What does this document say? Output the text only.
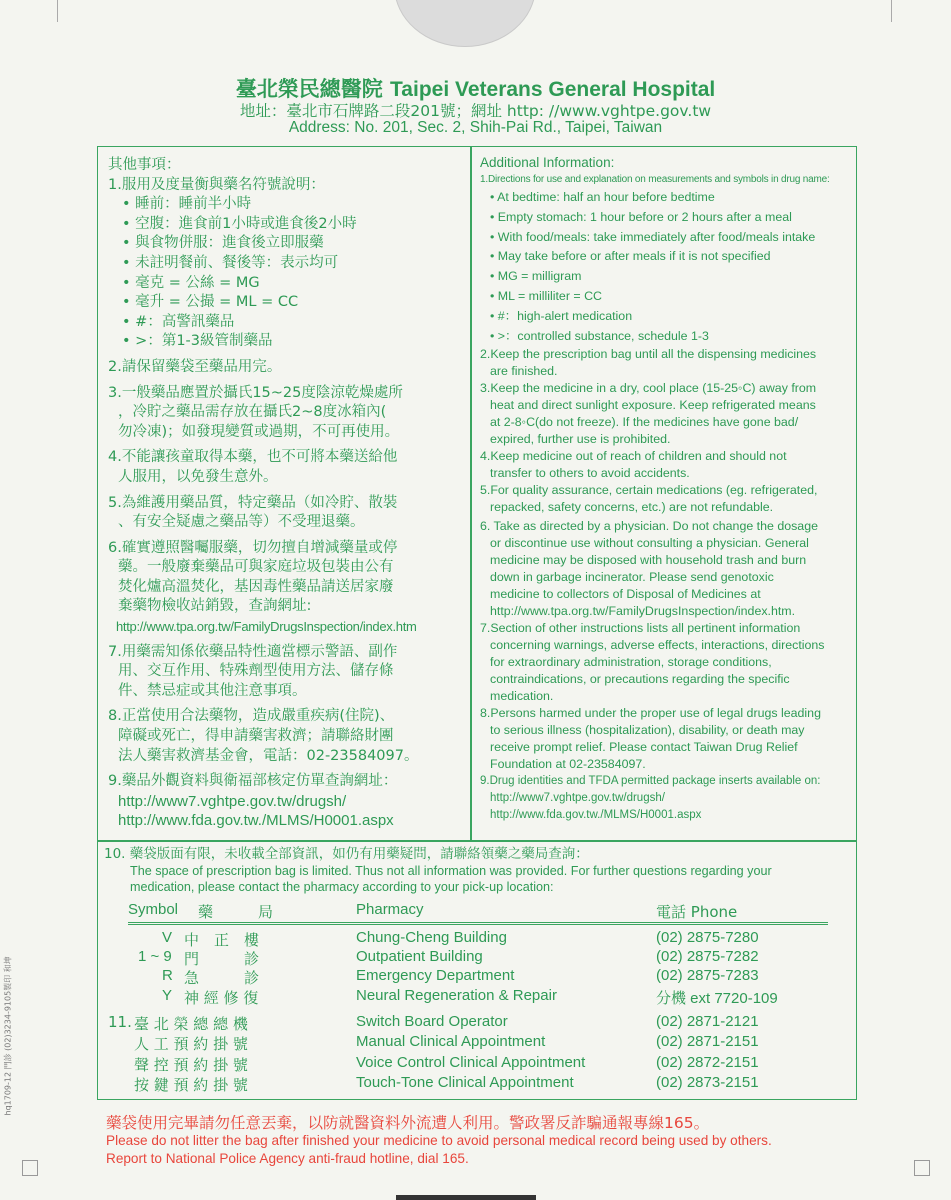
臺北榮民總醫院 Taipei Veterans General Hospital
地址：臺北市石牌路二段201號；網址 http: //www.vghtpe.gov.tw
Address: No. 201, Sec. 2, Shih-Pai Rd., Taipei, Taiwan
其他事項：
1.服用及度量衡與藥名符號說明：
• 睡前：睡前半小時
• 空腹：進食前1小時或進食後2小時
• 與食物併服：進食後立即服藥
• 未註明餐前、餐後等：表示均可
• 毫克 = 公絲 = MG
• 毫升 = 公撮 = ML = CC
• #：高警訊藥品
• >：第1-3級管制藥品
2.請保留藥袋至藥品用完。
3.一般藥品應置於攝氏15~25度陰涼乾燥處所
，冷貯之藥品需存放在攝氏2~8度冰箱內(
勿冷凍)；如發現變質或過期，不可再使用。
4.不能讓孩童取得本藥，也不可將本藥送給他
人服用，以免發生意外。
5.為維護用藥品質，特定藥品（如冷貯、散裝
、有安全疑慮之藥品等）不受理退藥。
6.確實遵照醫囑服藥，切勿擅自增減藥量或停
藥。一般廢棄藥品可與家庭垃圾包裝由公有
焚化爐高溫焚化，基因毒性藥品請送居家廢
棄藥物檢收站銷毀，查詢網址:
http://www.tpa.org.tw/FamilyDrugsInspection/index.htm
7.用藥需知係依藥品特性適當標示警語、副作
用、交互作用、特殊劑型使用方法、儲存條
件、禁忌症或其他注意事項。
8.正當使用合法藥物，造成嚴重疾病(住院)、
障礙或死亡，得申請藥害救濟；請聯絡財團
法人藥害救濟基金會，電話：02-23584097。
9.藥品外觀資料與衛福部核定仿單查詢網址：
http://www7.vghtpe.gov.tw/drugsh/
http://www.fda.gov.tw./MLMS/H0001.aspx
Additional Information:
1.Directions for use and explanation on measurements and symbols in drug name:
• At bedtime: half an hour before bedtime
• Empty stomach: 1 hour before or 2 hours after a meal
• With food/meals: take immediately after food/meals intake
• May take before or after meals if it is not specified
• MG = milligram
• ML = milliliter = CC
• #：high-alert medication
• >：controlled substance, schedule 1-3
2.Keep the prescription bag until all the dispensing medicines
are finished.
3.Keep the medicine in a dry, cool place (15-25◦C) away from
heat and direct sunlight exposure. Keep refrigerated means
at 2-8◦C(do not freeze). If the medicines have gone bad/
expired, further use is prohibited.
4.Keep medicine out of reach of children and should not
transfer to others to avoid accidents.
5.For quality assurance, certain medications (eg. refrigerated,
repacked, safety concerns, etc.) are not refundable.
6. Take as directed by a physician. Do not change the dosage
or discontinue use without consulting a physician. General
medicine may be disposed with household trash and burn
down in garbage incinerator. Please send genotoxic
medicine to collectors of Disposal of Medicines at
http://www.tpa.org.tw/FamilyDrugsInspection/index.htm.
7.Section of other instructions lists all pertinent information
concerning warnings, adverse effects, interactions, directions
for extraordinary administration, storage conditions,
contraindications, or precautions regarding the specific
medication.
8.Persons harmed under the proper use of legal drugs leading
to serious illness (hospitalization), disability, or death may
receive prompt relief. Please contact Taiwan Drug Relief
Foundation at 02-23584097.
9.Drug identities and TFDA permitted package inserts available on:
http://www7.vghtpe.gov.tw/drugsh/
http://www.fda.gov.tw./MLMS/H0001.aspx
10. 藥袋版面有限，未收載全部資訊，如仍有用藥疑問，請聯絡領藥之藥局查詢：
The space of prescription bag is limited. Thus not all information was provided. For further questions regarding your
medication, please contact the pharmacy according to your pick-up location:
Symbol 藥　　　局	Pharmacy	電話 Phone
V 中　正　樓	Chung-Cheng Building	(02) 2875-7280
1 ~ 9 門　　　診	Outpatient Building	(02) 2875-7282
R 急　　　診	Emergency Department	(02) 2875-7283
Y 神 經 修 復	Neural Regeneration & Repair	分機 ext 7720-109
11. 臺 北 榮 總 總 機	Switch Board Operator	(02) 2871-2121
人 工 預 約 掛 號	Manual Clinical Appointment	(02) 2871-2151
聲 控 預 約 掛 號	Voice Control Clinical Appointment	(02) 2872-2151
按 鍵 預 約 掛 號	Touch-Tone Clinical Appointment	(02) 2873-2151
藥袋使用完畢請勿任意丟棄，以防就醫資料外流遭人利用。警政署反詐騙通報專線165。
Please do not litter the bag after finished your medicine to avoid personal medical record being used by others.
Report to National Police Agency anti-fraud hotline, dial 165.
hq1709-12 門診 (02)3234-9105製印 和坤
